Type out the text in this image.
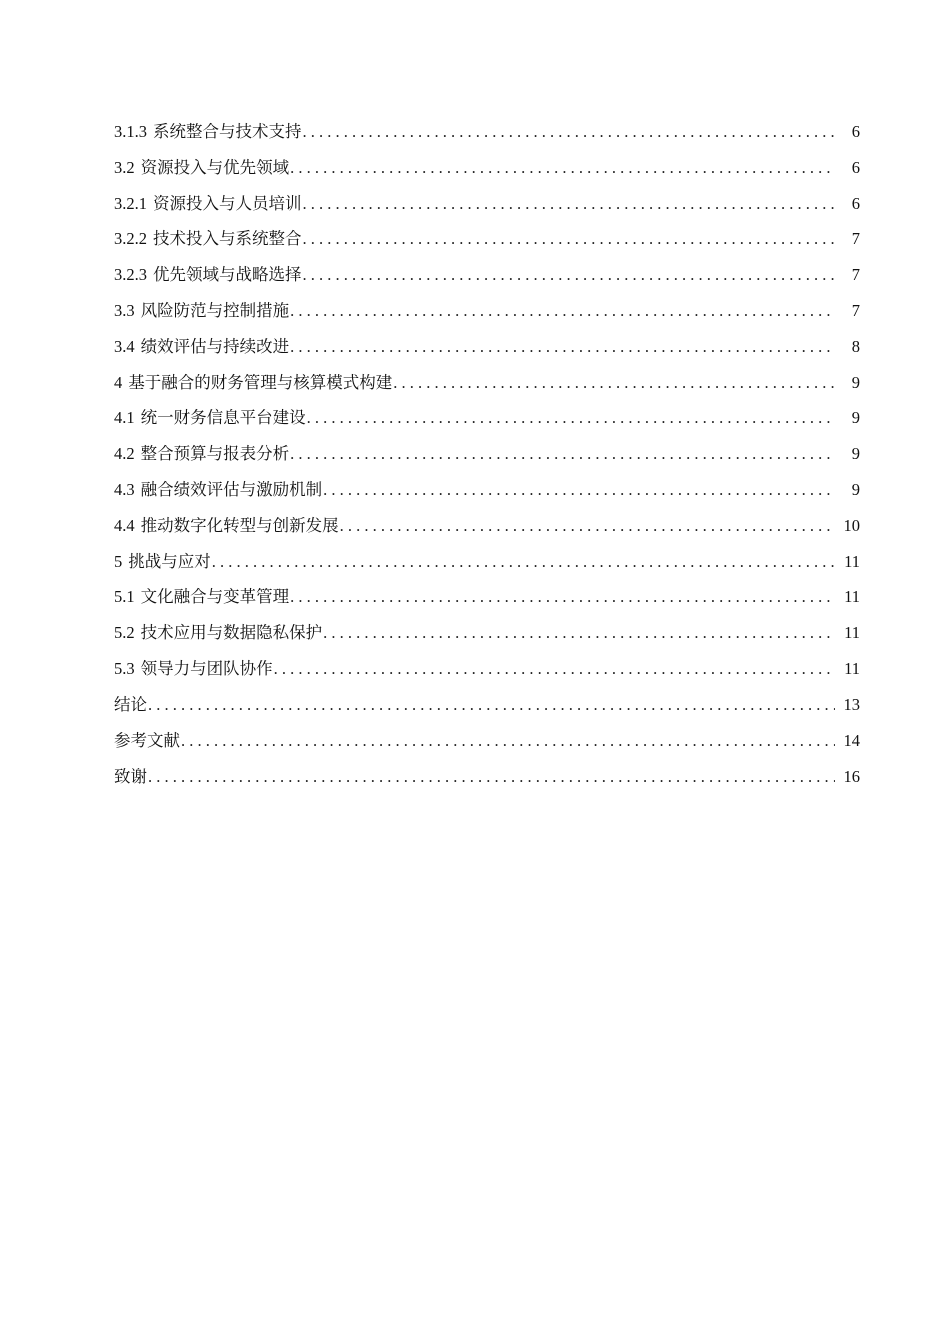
3.1.3 系统整合与技术支持 . . .	6
3.2 资源投入与优先领域 . . .	6
3.2.1 资源投入与人员培训 . . .	6
3.2.2 技术投入与系统整合 . . .	7
3.2.3 优先领域与战略选择 . . .	7
3.3 风险防范与控制措施 . . .	7
3.4 绩效评估与持续改进 . . .	8
4 基于融合的财务管理与核算模式构建 . . .	9
4.1 统一财务信息平台建设 . . .	9
4.2 整合预算与报表分析 . . .	9
4.3 融合绩效评估与激励机制 . . .	9
4.4 推动数字化转型与创新发展 . . .	10
5 挑战与应对 . . .	11
5.1 文化融合与变革管理 . . .	11
5.2 技术应用与数据隐私保护 . . .	11
5.3 领导力与团队协作 . . .	11
结论 . . .	13
参考文献 . . .	14
致谢 . . .	16
